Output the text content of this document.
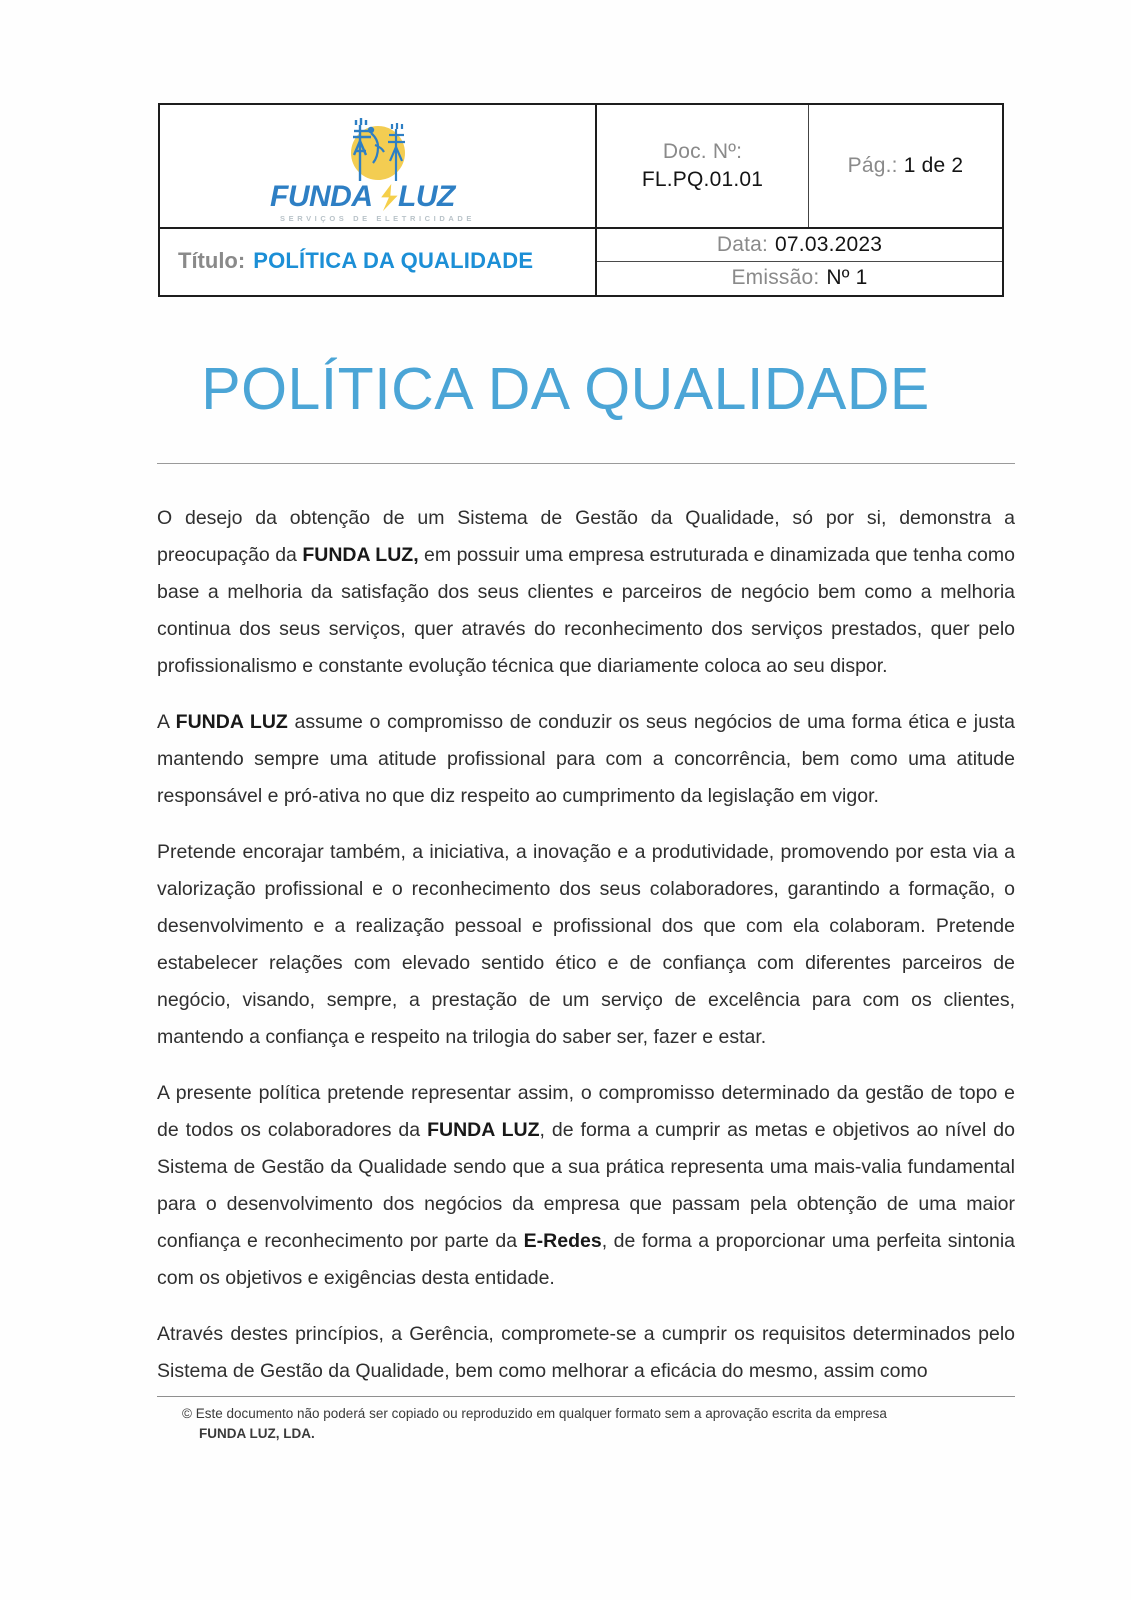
FUNDA LUZ
SERVIÇOS DE ELETRICIDADE
Doc. Nº:
FL.PQ.01.01
Pág.: 1 de 2
Título: POLÍTICA DA QUALIDADE
Data: 07.03.2023
Emissão: Nº 1
POLÍTICA DA QUALIDADE

O desejo da obtenção de um Sistema de Gestão da Qualidade, só por si, demonstra a preocupação da FUNDA LUZ, em possuir uma empresa estruturada e dinamizada que tenha como base a melhoria da satisfação dos seus clientes e parceiros de negócio bem como a melhoria continua dos seus serviços, quer através do reconhecimento dos serviços prestados, quer pelo profissionalismo e constante evolução técnica que diariamente coloca ao seu dispor.

A FUNDA LUZ assume o compromisso de conduzir os seus negócios de uma forma ética e justa mantendo sempre uma atitude profissional para com a concorrência, bem como uma atitude responsável e pró-ativa no que diz respeito ao cumprimento da legislação em vigor.

Pretende encorajar também, a iniciativa, a inovação e a produtividade, promovendo por esta via a valorização profissional e o reconhecimento dos seus colaboradores, garantindo a formação, o desenvolvimento e a realização pessoal e profissional dos que com ela colaboram. Pretende estabelecer relações com elevado sentido ético e de confiança com diferentes parceiros de negócio, visando, sempre, a prestação de um serviço de excelência para com os clientes, mantendo a confiança e respeito na trilogia do saber ser, fazer e estar.

A presente política pretende representar assim, o compromisso determinado da gestão de topo e de todos os colaboradores da FUNDA LUZ, de forma a cumprir as metas e objetivos ao nível do Sistema de Gestão da Qualidade sendo que a sua prática representa uma mais-valia fundamental para o desenvolvimento dos negócios da empresa que passam pela obtenção de uma maior confiança e reconhecimento por parte da E-Redes, de forma a proporcionar uma perfeita sintonia com os objetivos e exigências desta entidade.

Através destes princípios, a Gerência, compromete-se a cumprir os requisitos determinados pelo Sistema de Gestão da Qualidade, bem como melhorar a eficácia do mesmo, assim como

© Este documento não poderá ser copiado ou reproduzido em qualquer formato sem a aprovação escrita da empresa
FUNDA LUZ, LDA.
